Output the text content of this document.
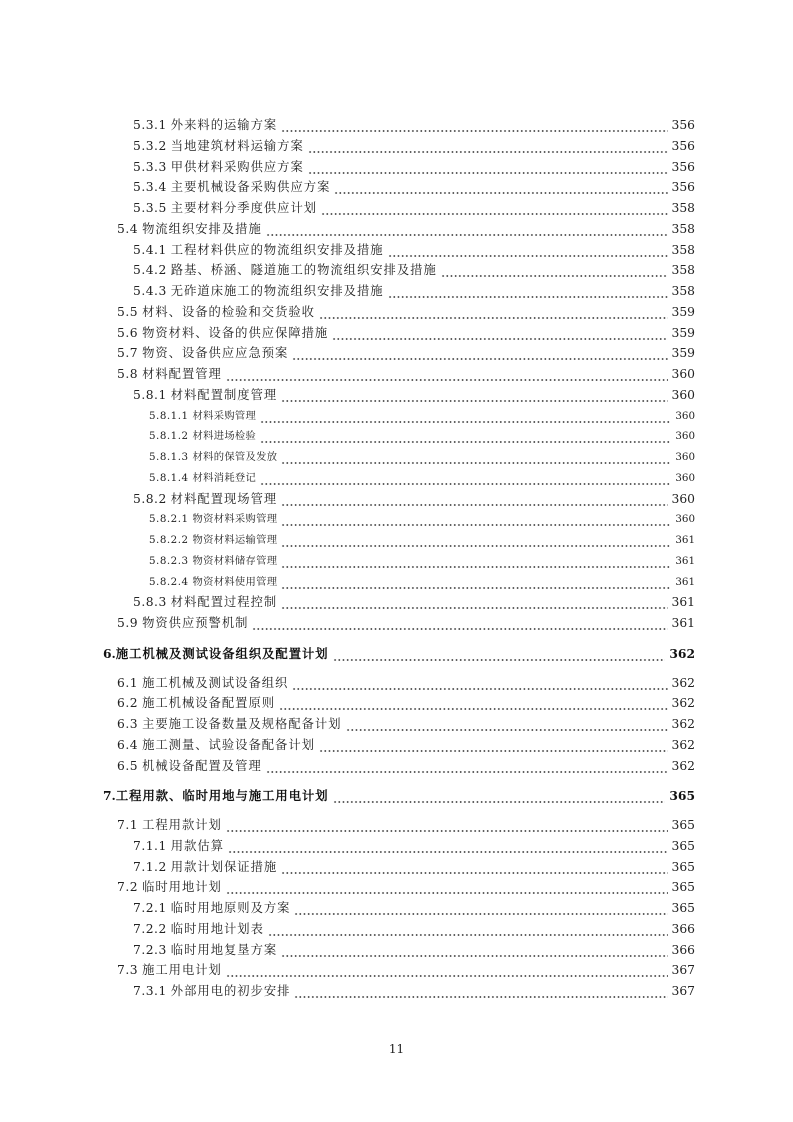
5.3.1 外来料的运输方案	356
5.3.2 当地建筑材料运输方案	356
5.3.3 甲供材料采购供应方案	356
5.3.4 主要机械设备采购供应方案	356
5.3.5 主要材料分季度供应计划	358
5.4 物流组织安排及措施	358
5.4.1 工程材料供应的物流组织安排及措施	358
5.4.2 路基、桥涵、隧道施工的物流组织安排及措施	358
5.4.3 无砟道床施工的物流组织安排及措施	358
5.5 材料、设备的检验和交货验收	359
5.6 物资材料、设备的供应保障措施	359
5.7 物资、设备供应应急预案	359
5.8 材料配置管理	360
5.8.1 材料配置制度管理	360
5.8.1.1 材料采购管理	360
5.8.1.2 材料进场检验	360
5.8.1.3 材料的保管及发放	360
5.8.1.4 材料消耗登记	360
5.8.2 材料配置现场管理	360
5.8.2.1 物资材料采购管理	360
5.8.2.2 物资材料运输管理	361
5.8.2.3 物资材料储存管理	361
5.8.2.4 物资材料使用管理	361
5.8.3 材料配置过程控制	361
5.9 物资供应预警机制	361
6. 施工机械及测试设备组织及配置计划	362
6.1 施工机械及测试设备组织	362
6.2 施工机械设备配置原则	362
6.3 主要施工设备数量及规格配备计划	362
6.4 施工测量、试验设备配备计划	362
6.5 机械设备配置及管理	362
7. 工程用款、临时用地与施工用电计划	365
7.1 工程用款计划	365
7.1.1 用款估算	365
7.1.2 用款计划保证措施	365
7.2 临时用地计划	365
7.2.1 临时用地原则及方案	365
7.2.2 临时用地计划表	366
7.2.3 临时用地复垦方案	366
7.3 施工用电计划	367
7.3.1 外部用电的初步安排	367
11
